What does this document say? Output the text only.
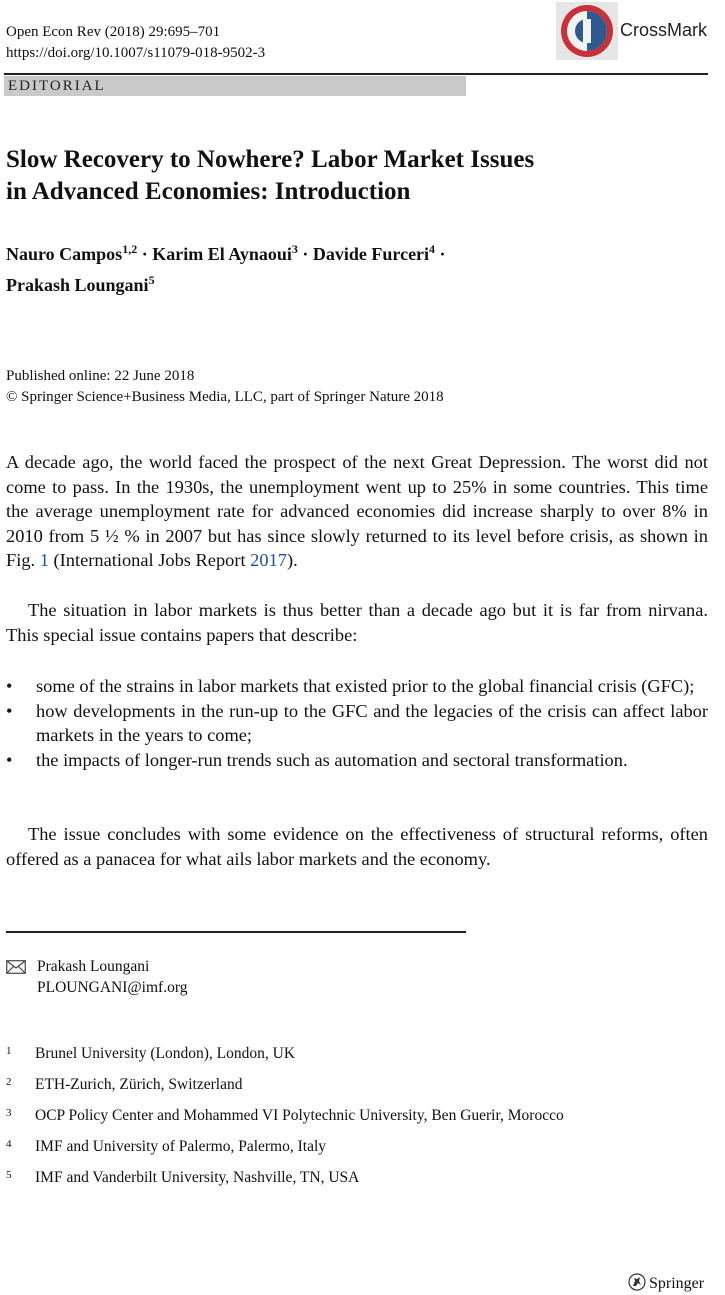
Open Econ Rev (2018) 29:695–701
https://doi.org/10.1007/s11079-018-9502-3
CrossMark
EDITORIAL
Slow Recovery to Nowhere? Labor Market Issues
in Advanced Economies: Introduction
Nauro Campos$^{1,2}$ · Karim El Aynaoui$^3$ · Davide Furceri$^4$ ·
Prakash Loungani$^5$
Published online: 22 June 2018
© Springer Science+Business Media, LLC, part of Springer Nature 2018
A decade ago, the world faced the prospect of the next Great Depression. The worst did not come to pass. In the 1930s, the unemployment went up to 25% in some countries. This time the average unemployment rate for advanced economies did increase sharply to over 8% in 2010 from 5 ½ % in 2007 but has since slowly returned to its level before crisis, as shown in Fig. 1 (International Jobs Report 2017).
The situation in labor markets is thus better than a decade ago but it is far from nirvana. This special issue contains papers that describe:
• some of the strains in labor markets that existed prior to the global financial crisis (GFC);
• how developments in the run-up to the GFC and the legacies of the crisis can affect labor markets in the years to come;
• the impacts of longer-run trends such as automation and sectoral transformation.
The issue concludes with some evidence on the effectiveness of structural reforms, often offered as a panacea for what ails labor markets and the economy.
Prakash Loungani
PLOUNGANI@imf.org
1 Brunel University (London), London, UK
2 ETH-Zurich, Zürich, Switzerland
3 OCP Policy Center and Mohammed VI Polytechnic University, Ben Guerir, Morocco
4 IMF and University of Palermo, Palermo, Italy
5 IMF and Vanderbilt University, Nashville, TN, USA
Springer
